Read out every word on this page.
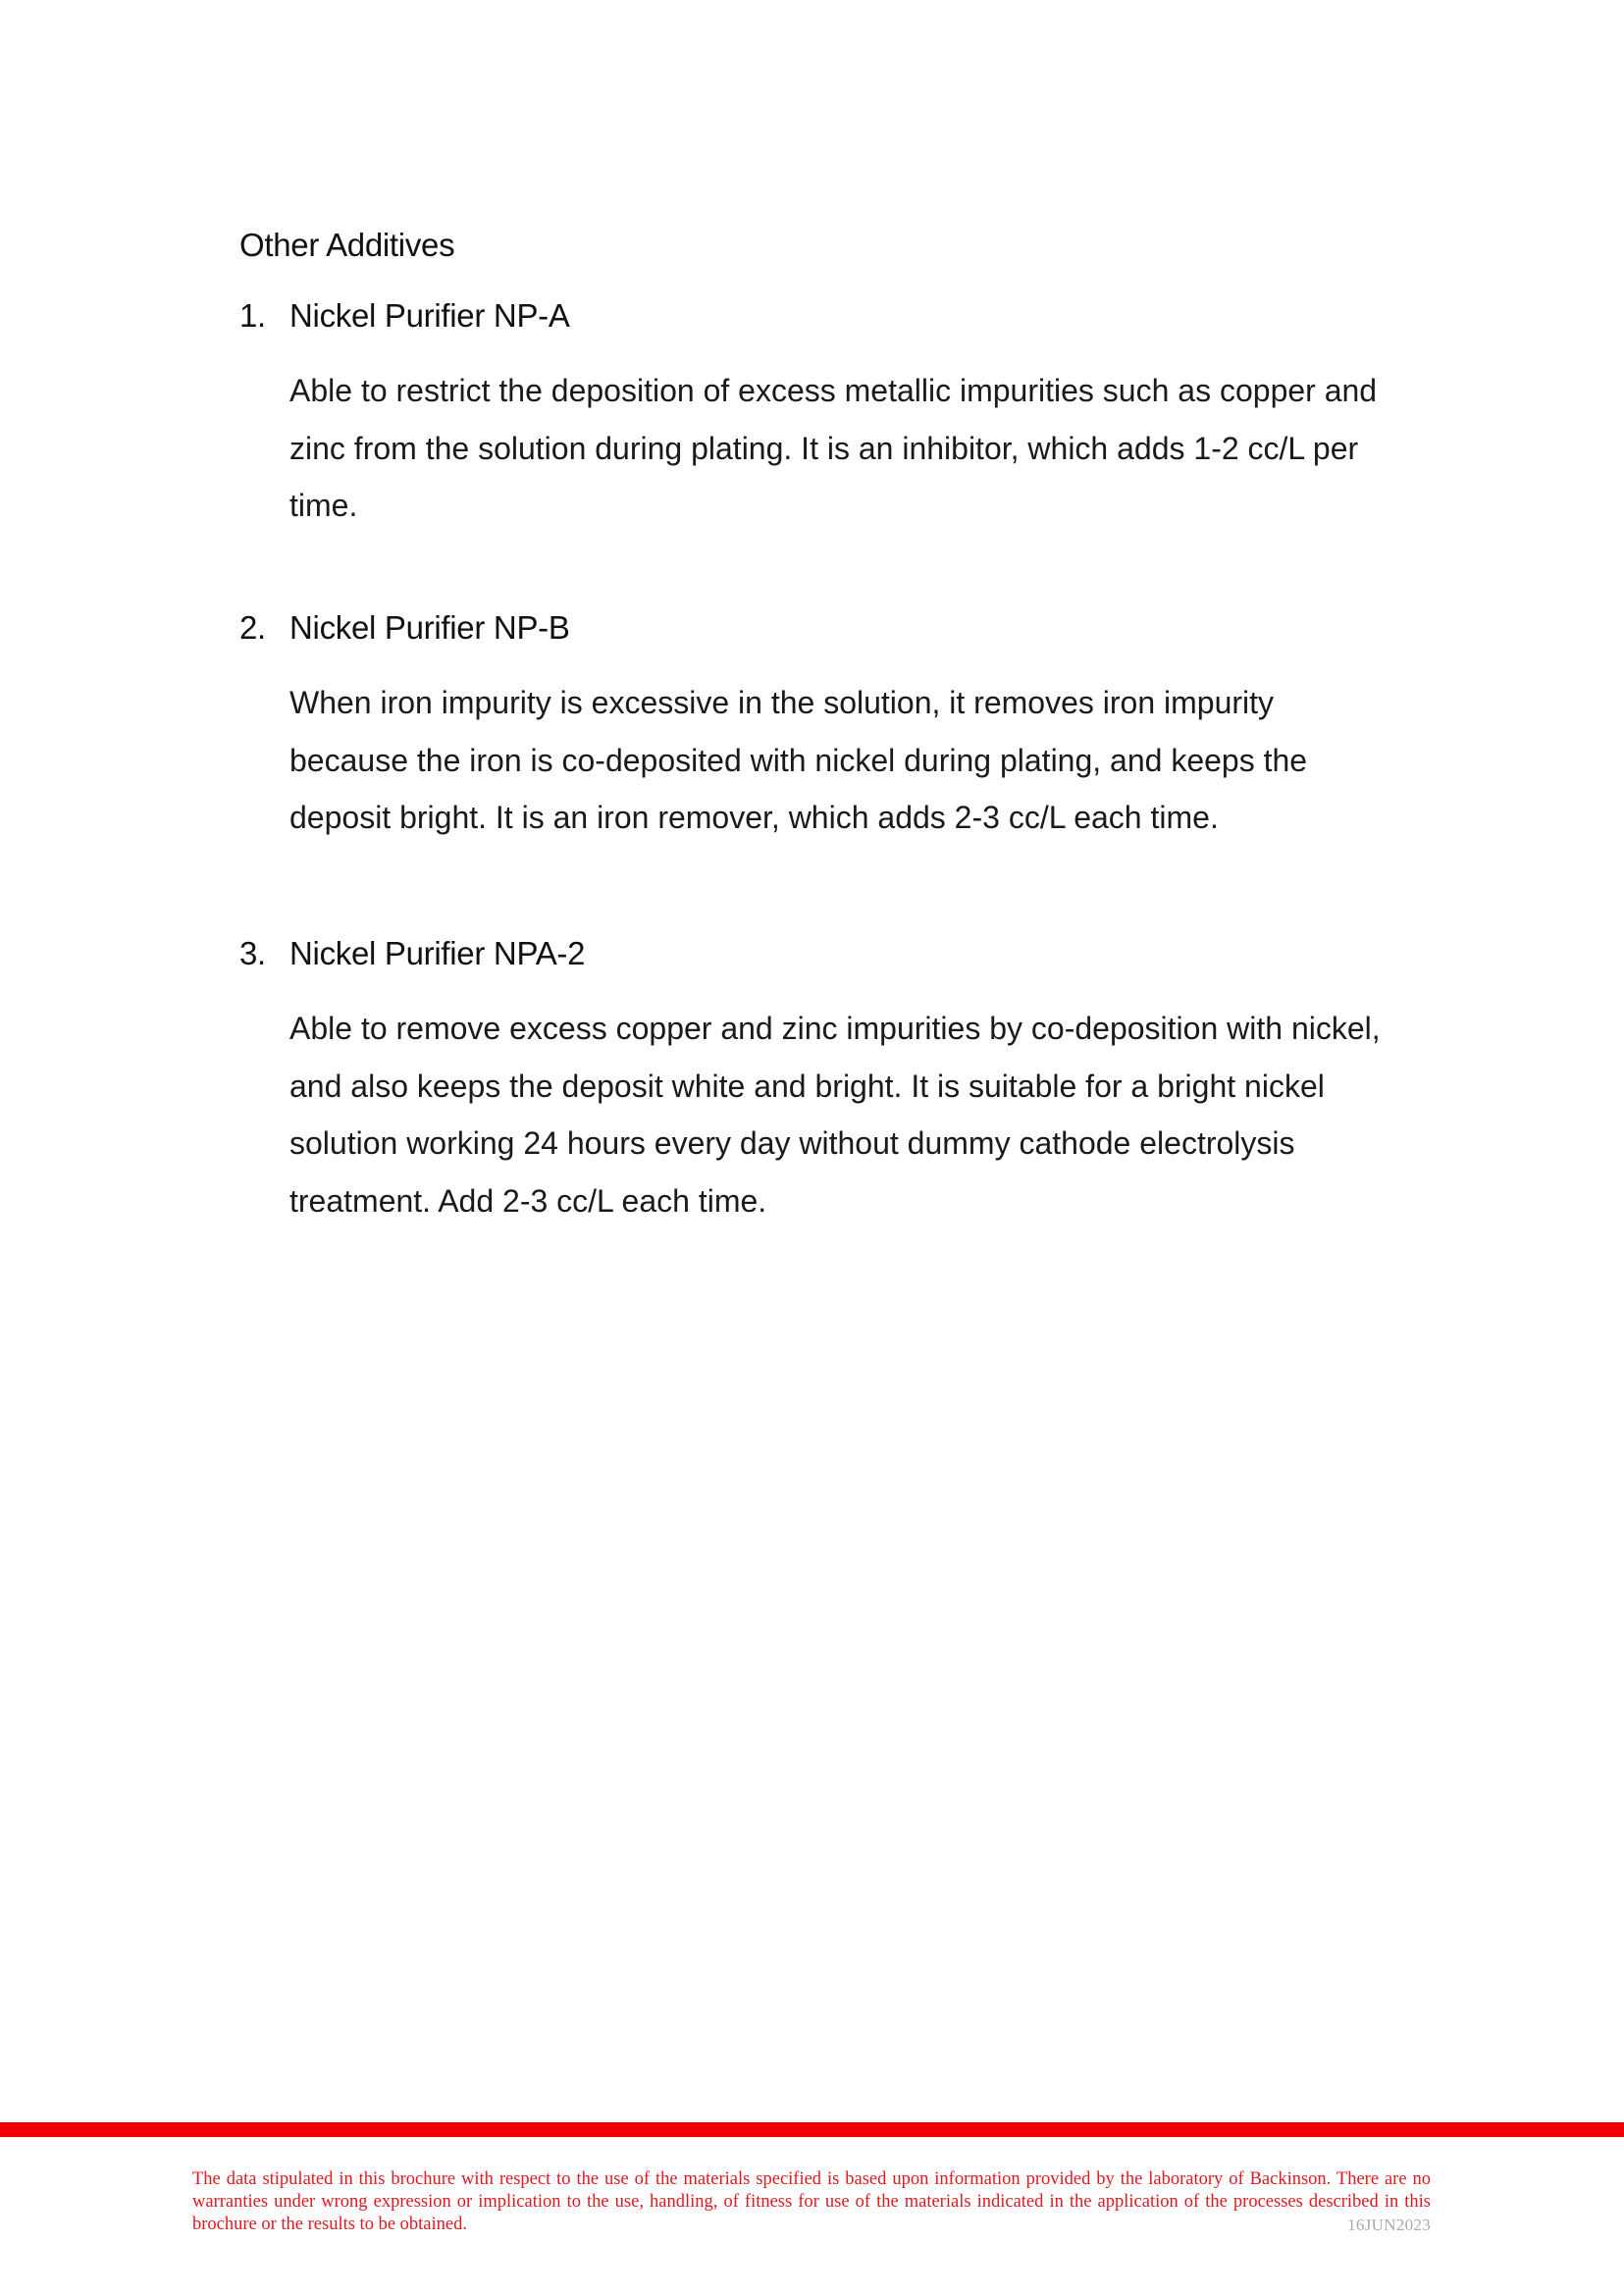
Other Additives
1. Nickel Purifier NP-A
Able to restrict the deposition of excess metallic impurities such as copper and zinc from the solution during plating. It is an inhibitor, which adds 1-2 cc/L per time.
2. Nickel Purifier NP-B
When iron impurity is excessive in the solution, it removes iron impurity because the iron is co-deposited with nickel during plating, and keeps the deposit bright. It is an iron remover, which adds 2-3 cc/L each time.
3. Nickel Purifier NPA-2
Able to remove excess copper and zinc impurities by co-deposition with nickel, and also keeps the deposit white and bright. It is suitable for a bright nickel solution working 24 hours every day without dummy cathode electrolysis treatment. Add 2-3 cc/L each time.
The data stipulated in this brochure with respect to the use of the materials specified is based upon information provided by the laboratory of Backinson. There are no warranties under wrong expression or implication to the use, handling, of fitness for use of the materials indicated in the application of the processes described in this brochure or the results to be obtained.	16JUN2023
